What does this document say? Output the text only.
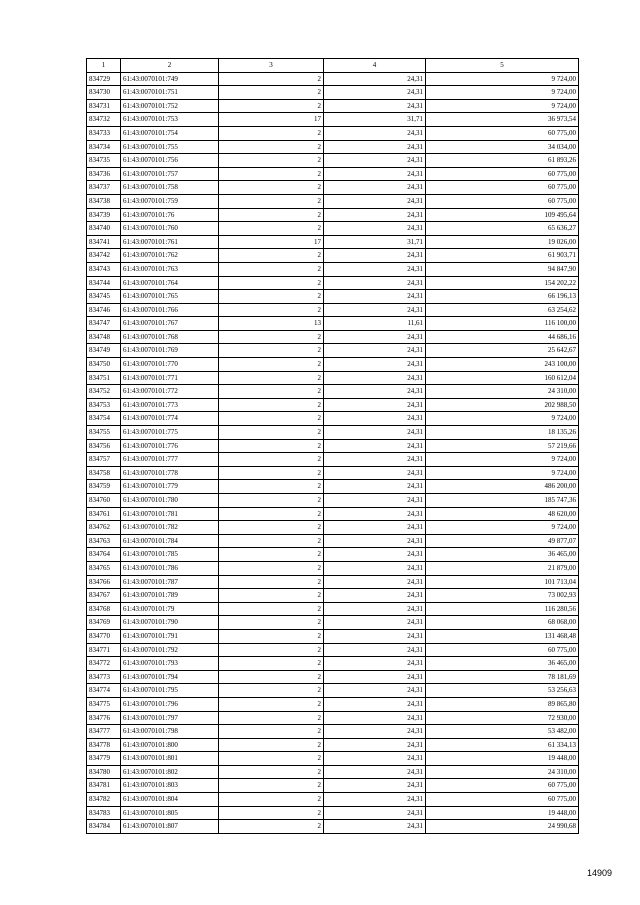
1	2	3	4	5
834729	61:43:0070101:749	2	24,31	9 724,00
834730	61:43:0070101:751	2	24,31	9 724,00
834731	61:43:0070101:752	2	24,31	9 724,00
834732	61:43:0070101:753	17	31,71	36 973,54
834733	61:43:0070101:754	2	24,31	60 775,00
834734	61:43:0070101:755	2	24,31	34 034,00
834735	61:43:0070101:756	2	24,31	61 893,26
834736	61:43:0070101:757	2	24,31	60 775,00
834737	61:43:0070101:758	2	24,31	60 775,00
834738	61:43:0070101:759	2	24,31	60 775,00
834739	61:43:0070101:76	2	24,31	109 495,64
834740	61:43:0070101:760	2	24,31	65 636,27
834741	61:43:0070101:761	17	31,71	19 026,00
834742	61:43:0070101:762	2	24,31	61 903,71
834743	61:43:0070101:763	2	24,31	94 847,90
834744	61:43:0070101:764	2	24,31	154 202,22
834745	61:43:0070101:765	2	24,31	66 196,13
834746	61:43:0070101:766	2	24,31	63 254,62
834747	61:43:0070101:767	13	11,61	116 100,00
834748	61:43:0070101:768	2	24,31	44 686,16
834749	61:43:0070101:769	2	24,31	25 642,67
834750	61:43:0070101:770	2	24,31	243 100,00
834751	61:43:0070101:771	2	24,31	160 612,04
834752	61:43:0070101:772	2	24,31	24 310,00
834753	61:43:0070101:773	2	24,31	202 988,50
834754	61:43:0070101:774	2	24,31	9 724,00
834755	61:43:0070101:775	2	24,31	18 135,26
834756	61:43:0070101:776	2	24,31	57 219,66
834757	61:43:0070101:777	2	24,31	9 724,00
834758	61:43:0070101:778	2	24,31	9 724,00
834759	61:43:0070101:779	2	24,31	486 200,00
834760	61:43:0070101:780	2	24,31	185 747,36
834761	61:43:0070101:781	2	24,31	48 620,00
834762	61:43:0070101:782	2	24,31	9 724,00
834763	61:43:0070101:784	2	24,31	49 877,07
834764	61:43:0070101:785	2	24,31	36 465,00
834765	61:43:0070101:786	2	24,31	21 879,00
834766	61:43:0070101:787	2	24,31	101 713,04
834767	61:43:0070101:789	2	24,31	73 002,93
834768	61:43:0070101:79	2	24,31	116 280,56
834769	61:43:0070101:790	2	24,31	68 068,00
834770	61:43:0070101:791	2	24,31	131 468,48
834771	61:43:0070101:792	2	24,31	60 775,00
834772	61:43:0070101:793	2	24,31	36 465,00
834773	61:43:0070101:794	2	24,31	78 181,69
834774	61:43:0070101:795	2	24,31	53 256,63
834775	61:43:0070101:796	2	24,31	89 865,80
834776	61:43:0070101:797	2	24,31	72 930,00
834777	61:43:0070101:798	2	24,31	53 482,00
834778	61:43:0070101:800	2	24,31	61 334,13
834779	61:43:0070101:801	2	24,31	19 448,00
834780	61:43:0070101:802	2	24,31	24 310,00
834781	61:43:0070101:803	2	24,31	60 775,00
834782	61:43:0070101:804	2	24,31	60 775,00
834783	61:43:0070101:805	2	24,31	19 448,00
834784	61:43:0070101:807	2	24,31	24 990,68
14909
